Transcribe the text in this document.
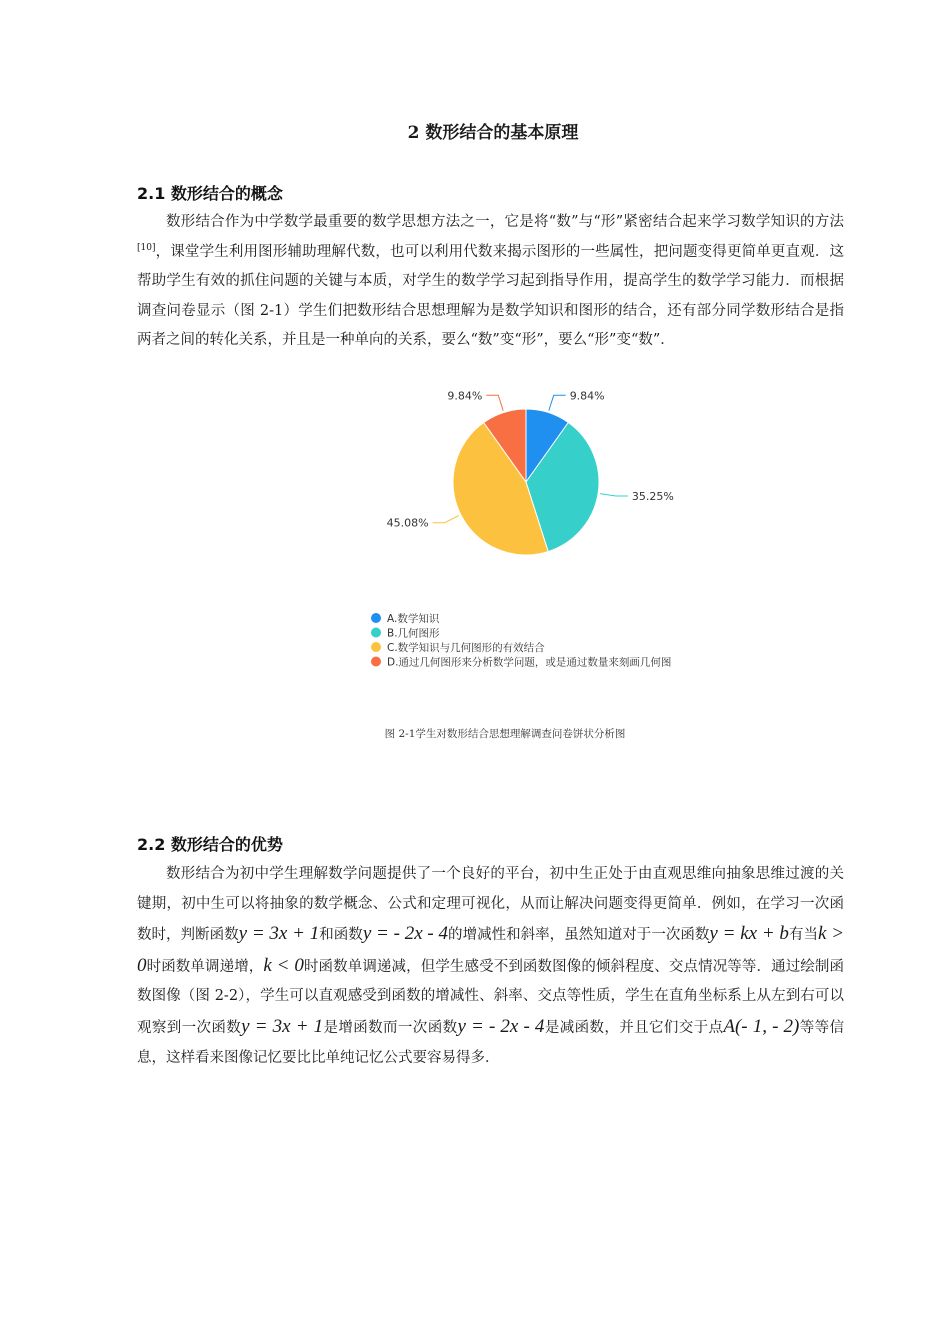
2 数形结合的基本原理
2.1 数形结合的概念

数形结合作为中学数学最重要的数学思想方法之一，它是将“数”与“形”紧密结合起来学习数学知识的方法[10]，课堂学生利用图形辅助理解代数，也可以利用代数来揭示图形的一些属性，把问题变得更简单更直观．这帮助学生有效的抓住问题的关键与本质，对学生的数学学习起到指导作用，提高学生的数学学习能力．而根据调查问卷显示（图 2-1）学生们把数形结合思想理解为是数学知识和图形的结合，还有部分同学数形结合是指两者之间的转化关系，并且是一种单向的关系，要么“数”变“形”，要么“形”变“数”．

9.84%
35.25%
45.08%
9.84%
A.数学知识
B.几何图形
C.数学知识与几何图形的有效结合
D.通过几何图形来分析数学问题，或是通过数量来刻画几何图
图 2-1学生对数形结合思想理解调查问卷饼状分析图
2.2 数形结合的优势

数形结合为初中学生理解数学问题提供了一个良好的平台，初中生正处于由直观思维向抽象思维过渡的关键期，初中生可以将抽象的数学概念、公式和定理可视化，从而让解决问题变得更简单．例如，在学习一次函数时，判断函数y = 3x + 1和函数y = - 2x - 4的增减性和斜率，虽然知道对于一次函数y = kx + b有当k > 0时函数单调递增，k < 0时函数单调递减，但学生感受不到函数图像的倾斜程度、交点情况等等．通过绘制函数图像（图 2-2），学生可以直观感受到函数的增减性、斜率、交点等性质，学生在直角坐标系上从左到右可以观察到一次函数y = 3x + 1是增函数而一次函数y = - 2x - 4是减函数，并且它们交于点A(- 1, - 2)等等信息，这样看来图像记忆要比比单纯记忆公式要容易得多．
